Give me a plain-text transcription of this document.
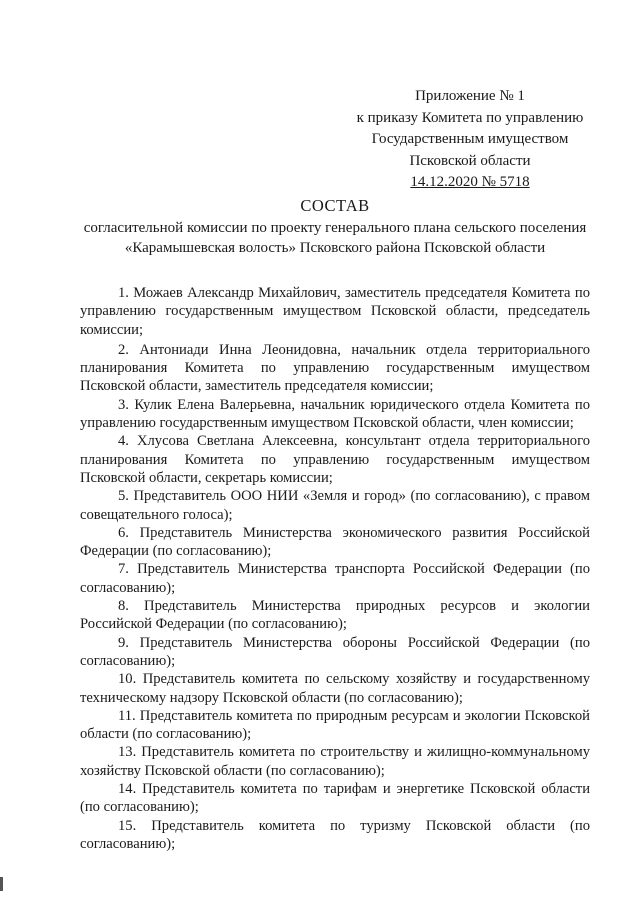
Приложение № 1
к приказу Комитета по управлению
Государственным имуществом
Псковской области
14.12.2020 № 5718
СОСТАВ
согласительной комиссии по проекту генерального плана сельского поселения
«Карамышевская волость» Псковского района Псковской области

1. Можаев Александр Михайлович, заместитель председателя Комитета по управлению государственным имуществом Псковской области, председатель комиссии;

2. Антониади Инна Леонидовна, начальник отдела территориального планирования Комитета по управлению государственным имуществом Псковской области, заместитель председателя комиссии;

3. Кулик Елена Валерьевна, начальник юридического отдела Комитета по управлению государственным имуществом Псковской области, член комиссии;

4. Хлусова Светлана Алексеевна, консультант отдела территориального планирования Комитета по управлению государственным имуществом Псковской области, секретарь комиссии;

5. Представитель ООО НИИ «Земля и город» (по согласованию), с правом совещательного голоса);

6. Представитель Министерства экономического развития Российской Федерации (по согласованию);

7. Представитель Министерства транспорта Российской Федерации (по согласованию);

8. Представитель Министерства природных ресурсов и экологии Российской Федерации (по согласованию);

9. Представитель Министерства обороны Российской Федерации (по согласованию);

10. Представитель комитета по сельскому хозяйству и государственному техническому надзору Псковской области (по согласованию);

11. Представитель комитета по природным ресурсам и экологии Псковской области (по согласованию);

13. Представитель комитета по строительству и жилищно-коммунальному хозяйству Псковской области (по согласованию);

14. Представитель комитета по тарифам и энергетике Псковской области (по согласованию);

15. Представитель комитета по туризму Псковской области (по согласованию);
